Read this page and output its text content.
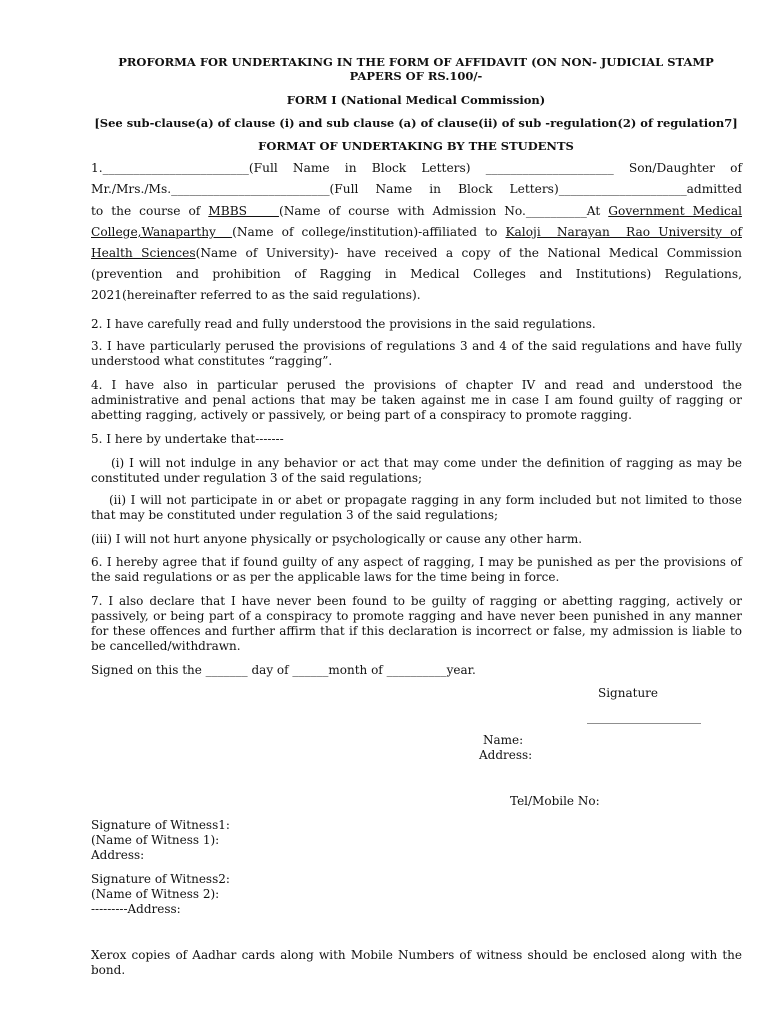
PROFORMA FOR UNDERTAKING IN THE FORM OF AFFIDAVIT (ON NON- JUDICIAL STAMP
PAPERS OF RS.100/-
FORM I (National Medical Commission)
[See sub-clause(a) of clause (i) and sub clause (a) of clause(ii) of sub -regulation(2) of regulation7]
FORMAT OF UNDERTAKING BY THE STUDENTS
1.________________________(Full Name in Block Letters) _____________________ Son/Daughter of
Mr./Mrs./Ms.__________________________(Full Name in Block Letters)_____________________admitted
to the course of MBBS    (Name of course with Admission No.__________At Government Medical
College,Wanaparthy  (Name of college/institution)-affiliated to Kaloji  Narayan  Rao University of
Health Sciences(Name of University)- have received a copy of the National Medical Commission
(prevention and prohibition of Ragging in Medical Colleges and Institutions) Regulations,
2021(hereinafter referred to as the said regulations).
2. I have carefully read and fully understood the provisions in the said regulations.
3. I have particularly perused the provisions of regulations 3 and 4 of the said regulations and have fully understood what constitutes “ragging”.
4. I have also in particular perused the provisions of chapter IV and read and understood the administrative and penal actions that may be taken against me in case I am found guilty of ragging or abetting ragging, actively or passively, or being part of a conspiracy to promote ragging.
5. I here by undertake that-------
(i) I will not indulge in any behavior or act that may come under the definition of ragging as may be constituted under regulation 3 of the said regulations;
(ii) I will not participate in or abet or propagate ragging in any form included but not limited to those that may be constituted under regulation 3 of the said regulations;
(iii) I will not hurt anyone physically or psychologically or cause any other harm.
6. I hereby agree that if found guilty of any aspect of ragging, I may be punished as per the provisions of the said regulations or as per the applicable laws for the time being in force.
7. I also declare that I have never been found to be guilty of ragging or abetting ragging, actively or passively, or being part of a conspiracy to promote ragging and have never been punished in any manner for these offences and further affirm that if this declaration is incorrect or false, my admission is liable to be cancelled/withdrawn.
Signed on this the _______ day of ______month of __________year.
Signature
___________________
Name:
Address:
Tel/Mobile No:
Signature of Witness1:
(Name of Witness 1):
Address:
Signature of Witness2:
(Name of Witness 2):
---------Address:
Xerox copies of Aadhar cards along with Mobile Numbers of witness should be enclosed along with the bond.
